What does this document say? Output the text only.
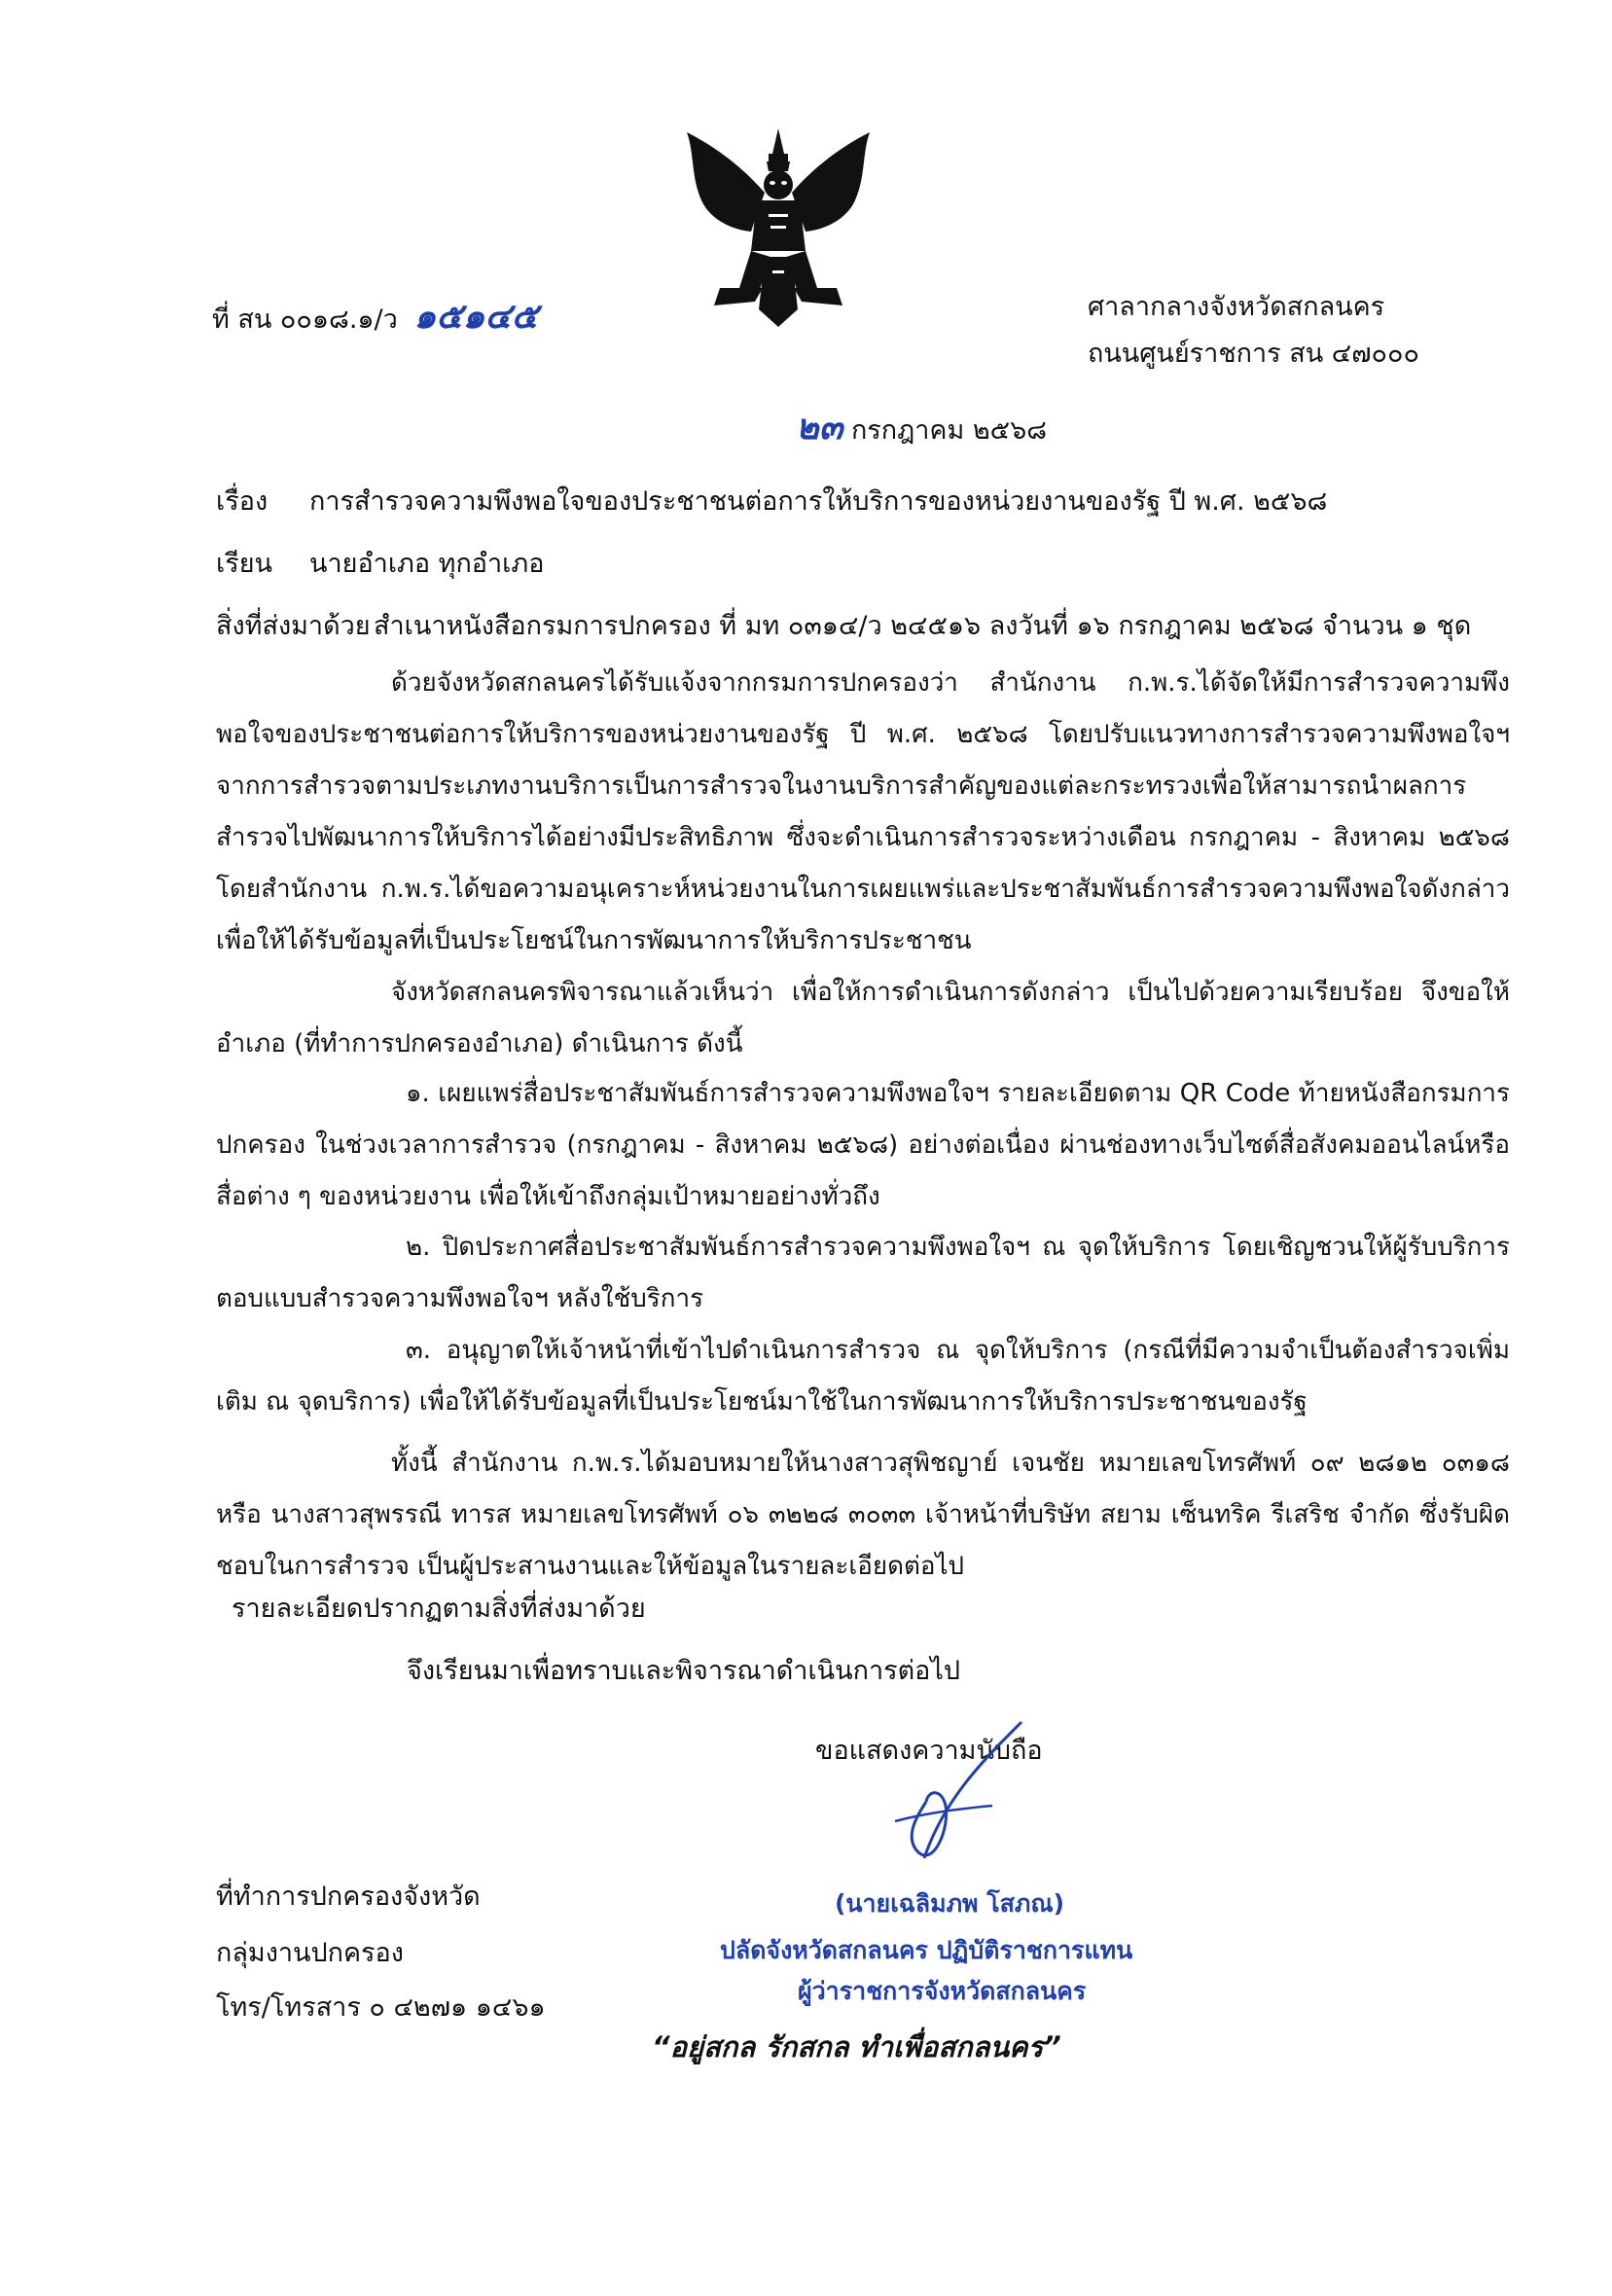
ที่ สน ๐๐๑๘.๑/ว ๑๕๑๔๕	ศาลากลางจังหวัดสกลนคร
ถนนศูนย์ราชการ สน ๔๗๐๐๐
๒๓ กรกฎาคม ๒๕๖๘
เรื่อง การสำรวจความพึงพอใจของประชาชนต่อการให้บริการของหน่วยงานของรัฐ ปี พ.ศ. ๒๕๖๘
เรียน นายอำเภอ ทุกอำเภอ
สิ่งที่ส่งมาด้วย สำเนาหนังสือกรมการปกครอง ที่ มท ๐๓๑๔/ว ๒๔๕๑๖ ลงวันที่ ๑๖ กรกฎาคม ๒๕๖๘ จำนวน ๑ ชุด

ด้วยจังหวัดสกลนครได้รับแจ้งจากกรมการปกครองว่า สำนักงาน ก.พ.ร.ได้จัดให้มีการสำรวจความพึงพอใจของประชาชนต่อการให้บริการของหน่วยงานของรัฐ ปี พ.ศ. ๒๕๖๘ โดยปรับแนวทางการสำรวจความพึงพอใจฯ จากการสำรวจตามประเภทงานบริการเป็นการสำรวจในงานบริการสำคัญของแต่ละกระทรวงเพื่อให้สามารถนำผลการสำรวจไปพัฒนาการให้บริการได้อย่างมีประสิทธิภาพ ซึ่งจะดำเนินการสำรวจระหว่างเดือน กรกฎาคม - สิงหาคม ๒๕๖๘ โดยสำนักงาน ก.พ.ร.ได้ขอความอนุเคราะห์หน่วยงานในการเผยแพร่และประชาสัมพันธ์การสำรวจความพึงพอใจดังกล่าว เพื่อให้ได้รับข้อมูลที่เป็นประโยชน์ในการพัฒนาการให้บริการประชาชน

จังหวัดสกลนครพิจารณาแล้วเห็นว่า เพื่อให้การดำเนินการดังกล่าว เป็นไปด้วยความเรียบร้อย จึงขอให้อำเภอ (ที่ทำการปกครองอำเภอ) ดำเนินการ ดังนี้

๑. เผยแพร่สื่อประชาสัมพันธ์การสำรวจความพึงพอใจฯ รายละเอียดตาม QR Code ท้ายหนังสือกรมการปกครอง ในช่วงเวลาการสำรวจ (กรกฎาคม - สิงหาคม ๒๕๖๘) อย่างต่อเนื่อง ผ่านช่องทางเว็บไซต์สื่อสังคมออนไลน์หรือสื่อต่าง ๆ ของหน่วยงาน เพื่อให้เข้าถึงกลุ่มเป้าหมายอย่างทั่วถึง

๒. ปิดประกาศสื่อประชาสัมพันธ์การสำรวจความพึงพอใจฯ ณ จุดให้บริการ โดยเชิญชวนให้ผู้รับบริการตอบแบบสำรวจความพึงพอใจฯ หลังใช้บริการ

๓. อนุญาตให้เจ้าหน้าที่เข้าไปดำเนินการสำรวจ ณ จุดให้บริการ (กรณีที่มีความจำเป็นต้องสำรวจเพิ่มเติม ณ จุดบริการ) เพื่อให้ได้รับข้อมูลที่เป็นประโยชน์มาใช้ในการพัฒนาการให้บริการประชาชนของรัฐ

ทั้งนี้ สำนักงาน ก.พ.ร.ได้มอบหมายให้นางสาวสุพิชญาย์ เจนชัย หมายเลขโทรศัพท์ ๐๙ ๒๘๑๒ ๐๓๑๘ หรือ นางสาวสุพรรณี ทารส หมายเลขโทรศัพท์ ๐๖ ๓๒๒๘ ๓๐๓๓ เจ้าหน้าที่บริษัท สยาม เซ็นทริค รีเสริช จำกัด ซึ่งรับผิดชอบในการสำรวจ เป็นผู้ประสานงานและให้ข้อมูลในรายละเอียดต่อไป

รายละเอียดปรากฏตามสิ่งที่ส่งมาด้วย
จึงเรียนมาเพื่อทราบและพิจารณาดำเนินการต่อไป
ขอแสดงความนับถือ
(นายเฉลิมภพ โสภณ)
ปลัดจังหวัดสกลนคร ปฏิบัติราชการแทน
ผู้ว่าราชการจังหวัดสกลนคร
ที่ทำการปกครองจังหวัด
กลุ่มงานปกครอง
โทร/โทรสาร ๐ ๔๒๗๑ ๑๔๖๑
“อยู่สกล รักสกล ทำเพื่อสกลนคร”
